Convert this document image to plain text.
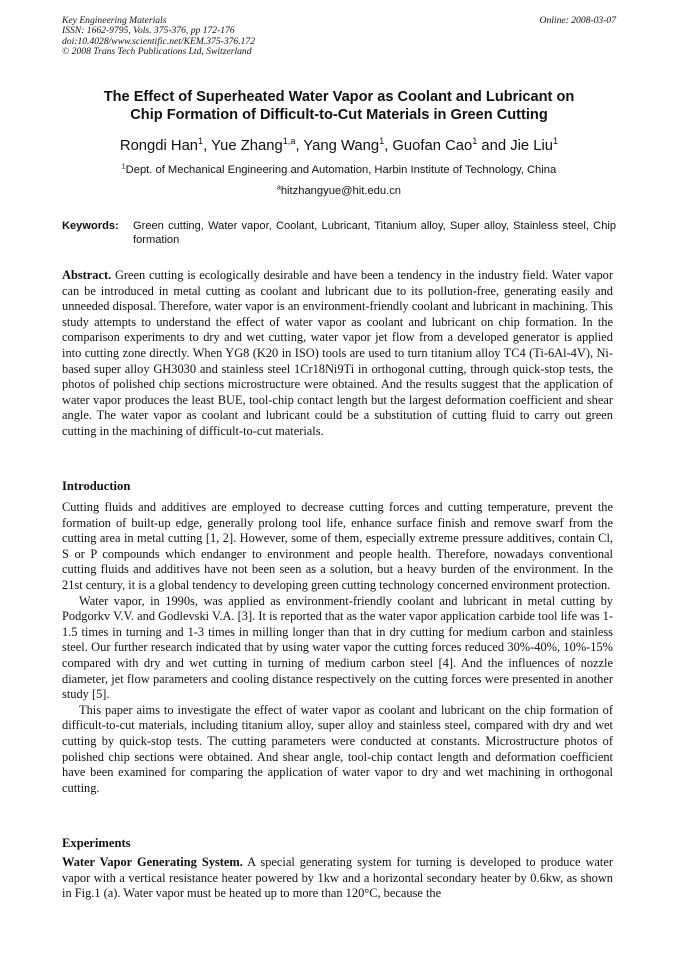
Key Engineering Materials
ISSN: 1662-9795, Vols. 375-376, pp 172-176
doi:10.4028/www.scientific.net/KEM.375-376.172
© 2008 Trans Tech Publications Ltd, Switzerland
Online: 2008-03-07
The Effect of Superheated Water Vapor as Coolant and Lubricant on
Chip Formation of Difficult-to-Cut Materials in Green Cutting
Rongdi Han$^1$, Yue Zhang$^{1,a}$, Yang Wang$^1$, Guofan Cao$^1$ and Jie Liu$^1$
$^1$Dept. of Mechanical Engineering and Automation, Harbin Institute of Technology, China
$^a$hitzhangyue@hit.edu.cn
Keywords: Green cutting, Water vapor, Coolant, Lubricant, Titanium alloy, Super alloy, Stainless steel, Chip formation
Abstract. Green cutting is ecologically desirable and have been a tendency in the industry field. Water vapor can be introduced in metal cutting as coolant and lubricant due to its pollution-free, generating easily and unneeded disposal. Therefore, water vapor is an environment-friendly coolant and lubricant in machining. This study attempts to understand the effect of water vapor as coolant and lubricant on chip formation. In the comparison experiments to dry and wet cutting, water vapor jet flow from a developed generator is applied into cutting zone directly. When YG8 (K20 in ISO) tools are used to turn titanium alloy TC4 (Ti-6Al-4V), Ni-based super alloy GH3030 and stainless steel 1Cr18Ni9Ti in orthogonal cutting, through quick-stop tests, the photos of polished chip sections microstructure were obtained. And the results suggest that the application of water vapor produces the least BUE, tool-chip contact length but the largest deformation coefficient and shear angle. The water vapor as coolant and lubricant could be a substitution of cutting fluid to carry out green cutting in the machining of difficult-to-cut materials.
Introduction

Cutting fluids and additives are employed to decrease cutting forces and cutting temperature, prevent the formation of built-up edge, generally prolong tool life, enhance surface finish and remove swarf from the cutting area in metal cutting [1, 2]. However, some of them, especially extreme pressure additives, contain Cl, S or P compounds which endanger to environment and people health. Therefore, nowadays conventional cutting fluids and additives have not been seen as a solution, but a heavy burden of the environment. In the 21st century, it is a global tendency to developing green cutting technology concerned environment protection.

Water vapor, in 1990s, was applied as environment-friendly coolant and lubricant in metal cutting by Podgorkv V.V. and Godlevski V.A. [3]. It is reported that as the water vapor application carbide tool life was 1-1.5 times in turning and 1-3 times in milling longer than that in dry cutting for medium carbon and stainless steel. Our further research indicated that by using water vapor the cutting forces reduced 30%-40%, 10%-15% compared with dry and wet cutting in turning of medium carbon steel [4]. And the influences of nozzle diameter, jet flow parameters and cooling distance respectively on the cutting forces were presented in another study [5].

This paper aims to investigate the effect of water vapor as coolant and lubricant on the chip formation of difficult-to-cut materials, including titanium alloy, super alloy and stainless steel, compared with dry and wet cutting by quick-stop tests. The cutting parameters were conducted at constants. Microstructure photos of polished chip sections were obtained. And shear angle, tool-chip contact length and deformation coefficient have been examined for comparing the application of water vapor to dry and wet machining in orthogonal cutting.

Experiments
Water Vapor Generating System. A special generating system for turning is developed to produce water vapor with a vertical resistance heater powered by 1kw and a horizontal secondary heater by 0.6kw, as shown in Fig.1 (a). Water vapor must be heated up to more than 120°C, because the
